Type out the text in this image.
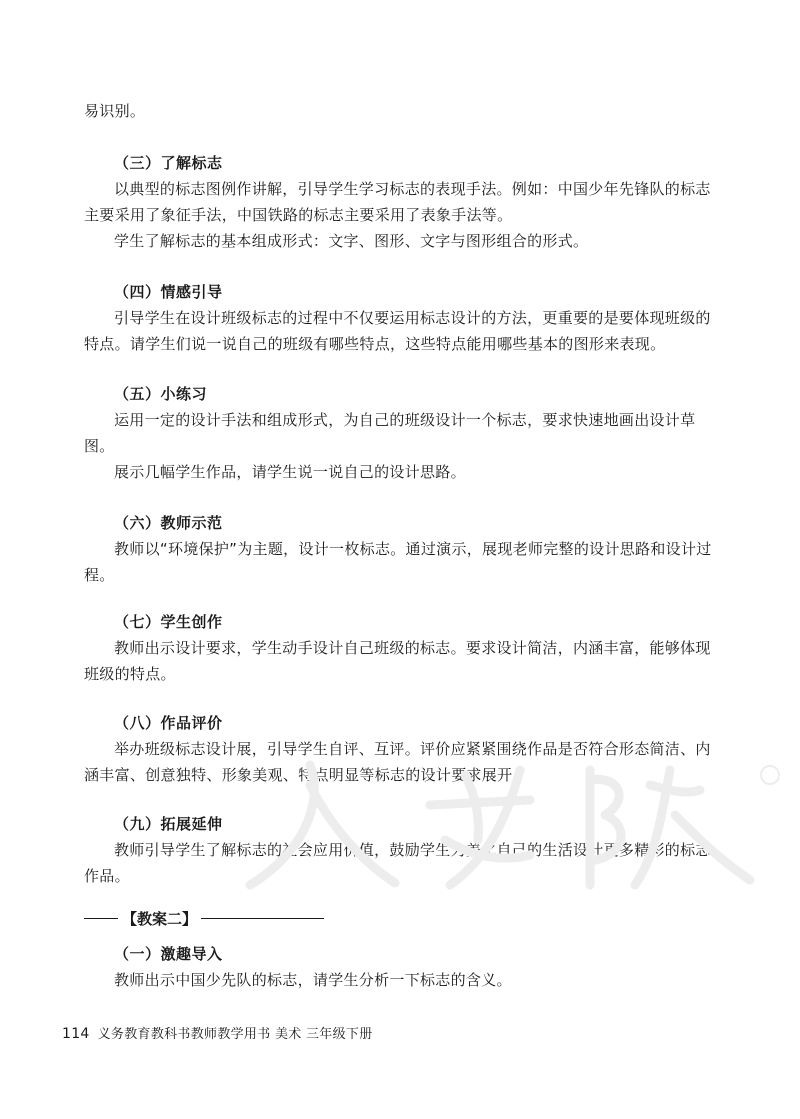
易识别。

（三）了解标志

以典型的标志图例作讲解，引导学生学习标志的表现手法。例如：中国少年先锋队的标志主要采用了象征手法，中国铁路的标志主要采用了表象手法等。

学生了解标志的基本组成形式：文字、图形、文字与图形组合的形式。

（四）情感引导

引导学生在设计班级标志的过程中不仅要运用标志设计的方法，更重要的是要体现班级的特点。请学生们说一说自己的班级有哪些特点，这些特点能用哪些基本的图形来表现。

（五）小练习

运用一定的设计手法和组成形式，为自己的班级设计一个标志，要求快速地画出设计草图。

展示几幅学生作品，请学生说一说自己的设计思路。

（六）教师示范

教师以“环境保护”为主题，设计一枚标志。通过演示，展现老师完整的设计思路和设计过程。

（七）学生创作

教师出示设计要求，学生动手设计自己班级的标志。要求设计简洁，内涵丰富，能够体现班级的特点。

（八）作品评价

举办班级标志设计展，引导学生自评、互评。评价应紧紧围绕作品是否符合形态简洁、内涵丰富、创意独特、形象美观、特点明显等标志的设计要求展开。

（九）拓展延伸

教师引导学生了解标志的社会应用价值，鼓励学生为美化自己的生活设计更多精彩的标志作品。

【教案二】
（一）激趣导入

教师出示中国少先队的标志，请学生分析一下标志的含义。

114 义务教育教科书教师教学用书 美术 三年级下册
